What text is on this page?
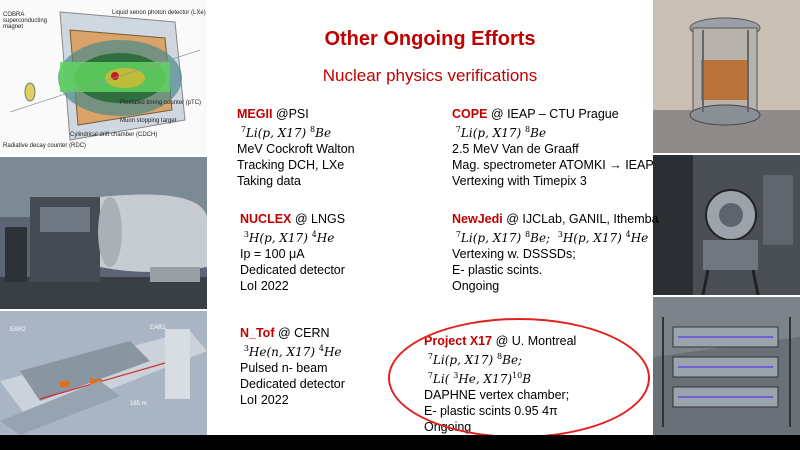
COBRA superconducting magnet
Liquid xenon photon detector (LXe)
Pixelated timing counter (pTC)
Muon stopping target
Cylindrical drift chamber (CDCH)
Radiative decay counter (RDC)
EAR2	EAR1
185 m
Other Ongoing Efforts
Nuclear physics verifications
MEGII @PSI
$^7$Li(p, X17) $^8$Be
MeV Cockroft Walton
Tracking DCH, LXe
Taking data
NUCLEX @ LNGS
$^3$H(p, X17) $^4$He
Ip = 100 μA
Dedicated detector
LoI 2022
N_Tof @ CERN
$^3$He(n, X17) $^4$He
Pulsed n- beam
Dedicated detector
LoI 2022
COPE @ IEAP – CTU Prague
$^7$Li(p, X17) $^8$Be
2.5 MeV Van de Graaff
Mag. spectrometer ATOMKI → IEAP
Vertexing with Timepix 3
NewJedi @ IJCLab, GANIL, Ithemba
$^7$Li(p, X17) $^8$Be; $^3$H(p, X17) $^4$He
Vertexing w. DSSSDs;
E- plastic scints.
Ongoing
Project X17 @ U. Montreal
$^7$Li(p, X17) $^8$Be;
$^7$Li( $^3$He, X17)$^{10}$B
DAPHNE vertex chamber;
E- plastic scints 0.95 4π
Ongoing
